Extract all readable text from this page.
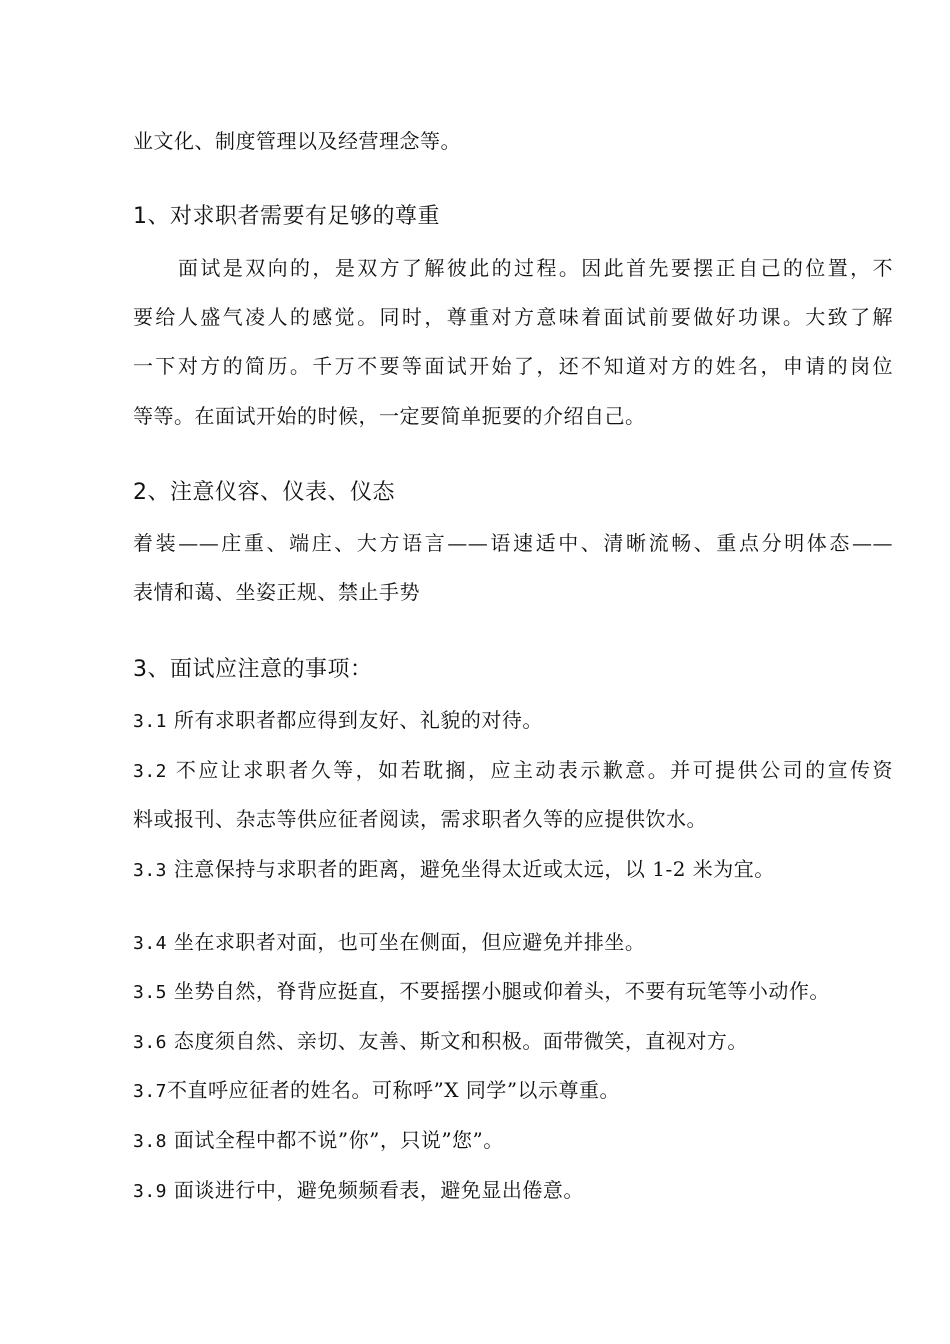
业文化、制度管理以及经营理念等。
1、对求职者需要有足够的尊重
面试是双向的，是双方了解彼此的过程。因此首先要摆正自己的位置，不
要给人盛气凌人的感觉。同时，尊重对方意味着面试前要做好功课。大致了解
一下对方的简历。千万不要等面试开始了，还不知道对方的姓名，申请的岗位
等等。在面试开始的时候，一定要简单扼要的介绍自己。
2、注意仪容、仪表、仪态
着装——庄重、端庄、大方语言——语速适中、清晰流畅、重点分明体态——
表情和蔼、坐姿正规、禁止手势
3、面试应注意的事项：
3.1 所有求职者都应得到友好、礼貌的对待。
3.2 不应让求职者久等，如若耽搁，应主动表示歉意。并可提供公司的宣传资
料或报刊、杂志等供应征者阅读，需求职者久等的应提供饮水。
3.3 注意保持与求职者的距离，避免坐得太近或太远，以 1-2 米为宜。
3.4 坐在求职者对面，也可坐在侧面，但应避免并排坐。
3.5 坐势自然，脊背应挺直，不要摇摆小腿或仰着头，不要有玩笔等小动作。
3.6 态度须自然、亲切、友善、斯文和积极。面带微笑，直视对方。
3.7不直呼应征者的姓名。可称呼”X 同学”以示尊重。
3.8 面试全程中都不说”你”，只说”您”。
3.9 面谈进行中，避免频频看表，避免显出倦意。
